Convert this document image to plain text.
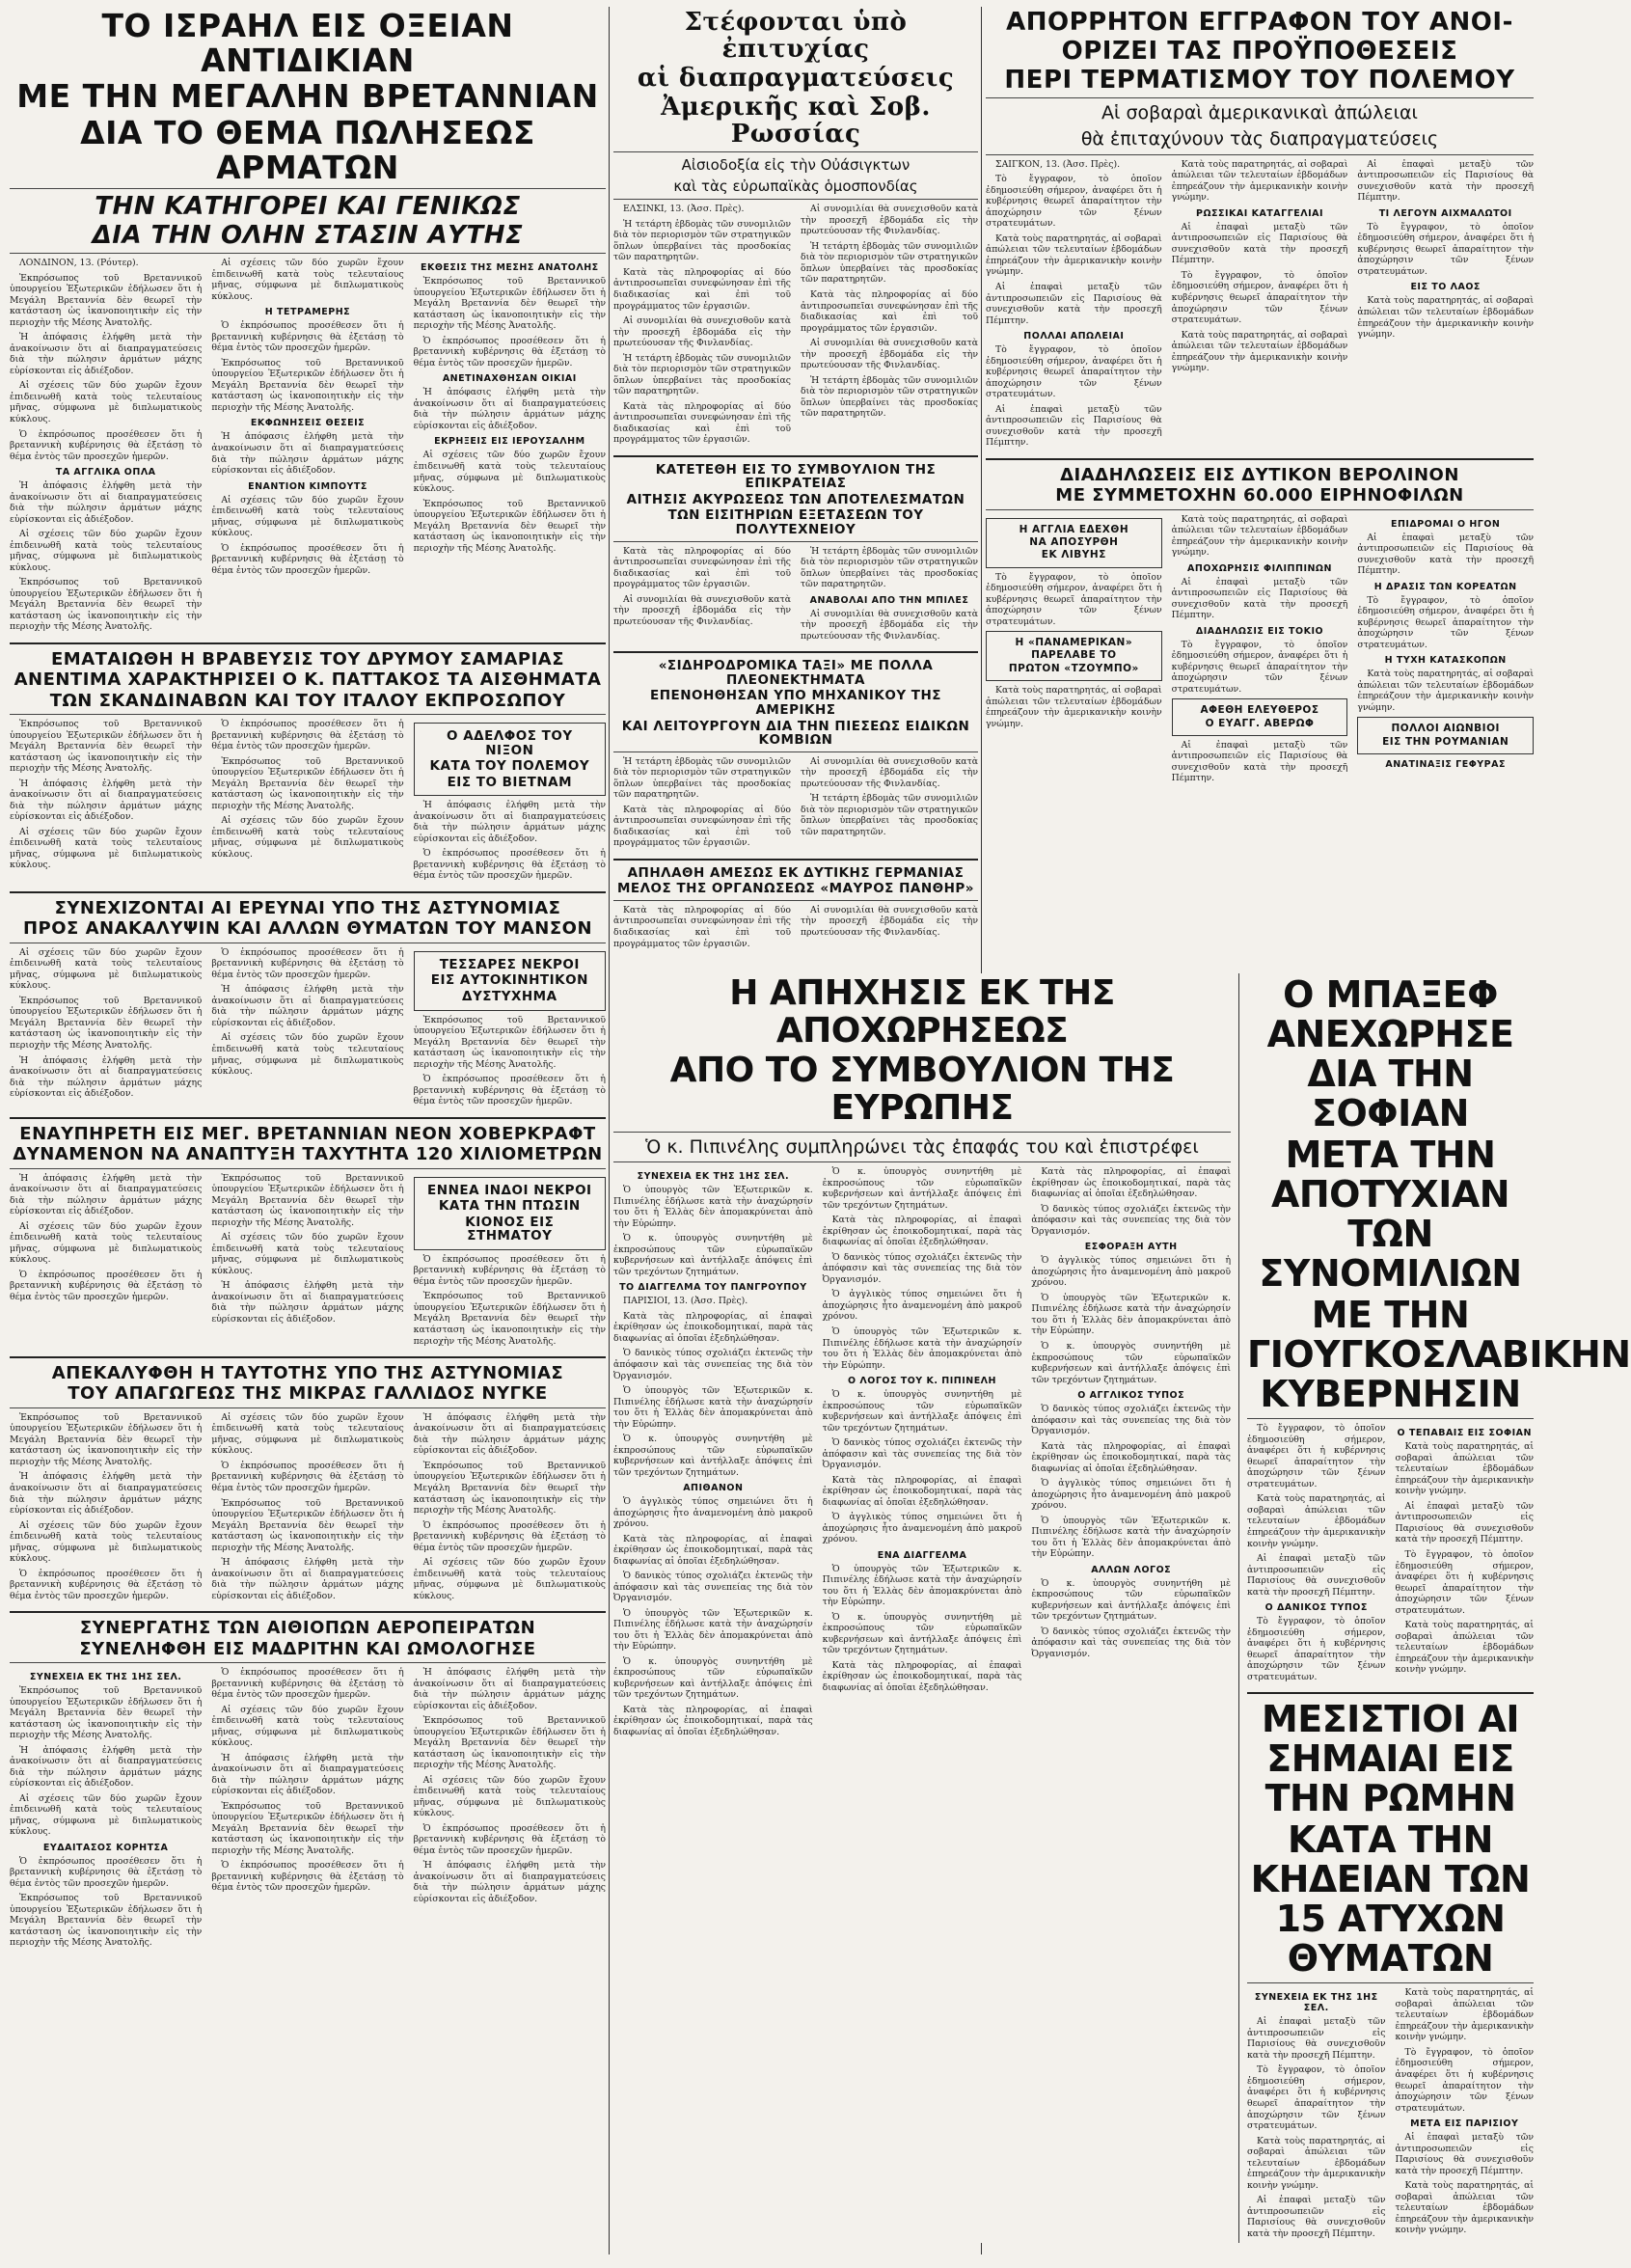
ΤΟ ΙΣΡΑΗΛ ΕΙΣ ΟΞΕΙΑΝ ΑΝΤΙΔΙΚΙΑΝ
ΜΕ ΤΗΝ ΜΕΓΑΛΗΝ ΒΡΕΤΑΝΝΙΑΝ
ΔΙΑ ΤΟ ΘΕΜΑ ΠΩΛΗΣΕΩΣ ΑΡΜΑΤΩΝ
ΤΗΝ ΚΑΤΗΓΟΡΕΙ ΚΑΙ ΓΕΝΙΚΩΣ
ΔΙΑ ΤΗΝ ΟΛΗΝ ΣΤΑΣΙΝ ΑΥΤΗΣ

ΛΟΝΔΙΝΟΝ, 13. (Ρόυτερ).

Ἐκπρόσωπος τοῦ Βρεταννικοῦ ὑπουργείου Ἐξωτερικῶν ἐδήλωσεν ὅτι ἡ Μεγάλη Βρεταννία δὲν θεωρεῖ τὴν κατάσταση ὡς ἱκανοποιητικὴν εἰς τὴν περιοχὴν τῆς Μέσης Ἀνατολῆς.

Ἡ ἀπόφασις ἐλήφθη μετὰ τὴν ἀνακοίνωσιν ὅτι αἱ διαπραγματεύσεις διὰ τὴν πώλησιν ἀρμάτων μάχης εὑρίσκονται εἰς ἀδιέξοδον.

Αἱ σχέσεις τῶν δύο χωρῶν ἔχουν ἐπιδεινωθῆ κατὰ τοὺς τελευταίους μῆνας, σύμφωνα μὲ διπλωματικοὺς κύκλους.

Ὁ ἐκπρόσωπος προσέθεσεν ὅτι ἡ βρεταννικὴ κυβέρνησις θὰ ἐξετάσῃ τὸ θέμα ἐντὸς τῶν προσεχῶν ἡμερῶν.

ΤΑ ΑΓΓΛΙΚΑ ΟΠΛΑ

Ἡ ἀπόφασις ἐλήφθη μετὰ τὴν ἀνακοίνωσιν ὅτι αἱ διαπραγματεύσεις διὰ τὴν πώλησιν ἀρμάτων μάχης εὑρίσκονται εἰς ἀδιέξοδον.

Αἱ σχέσεις τῶν δύο χωρῶν ἔχουν ἐπιδεινωθῆ κατὰ τοὺς τελευταίους μῆνας, σύμφωνα μὲ διπλωματικοὺς κύκλους.

Ἐκπρόσωπος τοῦ Βρεταννικοῦ ὑπουργείου Ἐξωτερικῶν ἐδήλωσεν ὅτι ἡ Μεγάλη Βρεταννία δὲν θεωρεῖ τὴν κατάσταση ὡς ἱκανοποιητικὴν εἰς τὴν περιοχὴν τῆς Μέσης Ἀνατολῆς.

Αἱ σχέσεις τῶν δύο χωρῶν ἔχουν ἐπιδεινωθῆ κατὰ τοὺς τελευταίους μῆνας, σύμφωνα μὲ διπλωματικοὺς κύκλους.

Η ΤΕΤΡΑΜΕΡΗΣ

Ὁ ἐκπρόσωπος προσέθεσεν ὅτι ἡ βρεταννικὴ κυβέρνησις θὰ ἐξετάσῃ τὸ θέμα ἐντὸς τῶν προσεχῶν ἡμερῶν.

Ἐκπρόσωπος τοῦ Βρεταννικοῦ ὑπουργείου Ἐξωτερικῶν ἐδήλωσεν ὅτι ἡ Μεγάλη Βρεταννία δὲν θεωρεῖ τὴν κατάσταση ὡς ἱκανοποιητικὴν εἰς τὴν περιοχὴν τῆς Μέσης Ἀνατολῆς.

ΕΚΦΩΝΗΣΕΙΣ ΘΕΣΕΙΣ

Ἡ ἀπόφασις ἐλήφθη μετὰ τὴν ἀνακοίνωσιν ὅτι αἱ διαπραγματεύσεις διὰ τὴν πώλησιν ἀρμάτων μάχης εὑρίσκονται εἰς ἀδιέξοδον.

ΕΝΑΝΤΙΟΝ ΚΙΜΠΟΥΤΣ

Αἱ σχέσεις τῶν δύο χωρῶν ἔχουν ἐπιδεινωθῆ κατὰ τοὺς τελευταίους μῆνας, σύμφωνα μὲ διπλωματικοὺς κύκλους.

Ὁ ἐκπρόσωπος προσέθεσεν ὅτι ἡ βρεταννικὴ κυβέρνησις θὰ ἐξετάσῃ τὸ θέμα ἐντὸς τῶν προσεχῶν ἡμερῶν.

ΕΚΘΕΣΙΣ ΤΗΣ ΜΕΣΗΣ ΑΝΑΤΟΛΗΣ

Ἐκπρόσωπος τοῦ Βρεταννικοῦ ὑπουργείου Ἐξωτερικῶν ἐδήλωσεν ὅτι ἡ Μεγάλη Βρεταννία δὲν θεωρεῖ τὴν κατάσταση ὡς ἱκανοποιητικὴν εἰς τὴν περιοχὴν τῆς Μέσης Ἀνατολῆς.

Ὁ ἐκπρόσωπος προσέθεσεν ὅτι ἡ βρεταννικὴ κυβέρνησις θὰ ἐξετάσῃ τὸ θέμα ἐντὸς τῶν προσεχῶν ἡμερῶν.

ΑΝΕΤΙΝΑΧΘΗΣΑΝ ΟΙΚΙΑΙ

Ἡ ἀπόφασις ἐλήφθη μετὰ τὴν ἀνακοίνωσιν ὅτι αἱ διαπραγματεύσεις διὰ τὴν πώλησιν ἀρμάτων μάχης εὑρίσκονται εἰς ἀδιέξοδον.

ΕΚΡΗΞΕΙΣ ΕΙΣ ΙΕΡΟΥΣΑΛΗΜ

Αἱ σχέσεις τῶν δύο χωρῶν ἔχουν ἐπιδεινωθῆ κατὰ τοὺς τελευταίους μῆνας, σύμφωνα μὲ διπλωματικοὺς κύκλους.

Ἐκπρόσωπος τοῦ Βρεταννικοῦ ὑπουργείου Ἐξωτερικῶν ἐδήλωσεν ὅτι ἡ Μεγάλη Βρεταννία δὲν θεωρεῖ τὴν κατάσταση ὡς ἱκανοποιητικὴν εἰς τὴν περιοχὴν τῆς Μέσης Ἀνατολῆς.

ΕΜΑΤΑΙΩΘΗ Η ΒΡΑΒΕΥΣΙΣ ΤΟΥ ΔΡΥΜΟΥ ΣΑΜΑΡΙΑΣ
ΑΝΕΝΤΙΜΑ ΧΑΡΑΚΤΗΡΙΣΕΙ Ο Κ. ΠΑΤΤΑΚΟΣ ΤΑ ΑΙΣΘΗΜΑΤΑ
ΤΩΝ ΣΚΑΝΔΙΝΑΒΩΝ ΚΑΙ ΤΟΥ ΙΤΑΛΟΥ ΕΚΠΡΟΣΩΠΟΥ

Ἐκπρόσωπος τοῦ Βρεταννικοῦ ὑπουργείου Ἐξωτερικῶν ἐδήλωσεν ὅτι ἡ Μεγάλη Βρεταννία δὲν θεωρεῖ τὴν κατάσταση ὡς ἱκανοποιητικὴν εἰς τὴν περιοχὴν τῆς Μέσης Ἀνατολῆς.

Ἡ ἀπόφασις ἐλήφθη μετὰ τὴν ἀνακοίνωσιν ὅτι αἱ διαπραγματεύσεις διὰ τὴν πώλησιν ἀρμάτων μάχης εὑρίσκονται εἰς ἀδιέξοδον.

Αἱ σχέσεις τῶν δύο χωρῶν ἔχουν ἐπιδεινωθῆ κατὰ τοὺς τελευταίους μῆνας, σύμφωνα μὲ διπλωματικοὺς κύκλους.

Ὁ ἐκπρόσωπος προσέθεσεν ὅτι ἡ βρεταννικὴ κυβέρνησις θὰ ἐξετάσῃ τὸ θέμα ἐντὸς τῶν προσεχῶν ἡμερῶν.

Ἐκπρόσωπος τοῦ Βρεταννικοῦ ὑπουργείου Ἐξωτερικῶν ἐδήλωσεν ὅτι ἡ Μεγάλη Βρεταννία δὲν θεωρεῖ τὴν κατάσταση ὡς ἱκανοποιητικὴν εἰς τὴν περιοχὴν τῆς Μέσης Ἀνατολῆς.

Αἱ σχέσεις τῶν δύο χωρῶν ἔχουν ἐπιδεινωθῆ κατὰ τοὺς τελευταίους μῆνας, σύμφωνα μὲ διπλωματικοὺς κύκλους.

Ο ΑΔΕΛΦΟΣ ΤΟΥ ΝΙΞΟΝ
ΚΑΤΑ ΤΟΥ ΠΟΛΕΜΟΥ
ΕΙΣ ΤΟ ΒΙΕΤΝΑΜ

Ἡ ἀπόφασις ἐλήφθη μετὰ τὴν ἀνακοίνωσιν ὅτι αἱ διαπραγματεύσεις διὰ τὴν πώλησιν ἀρμάτων μάχης εὑρίσκονται εἰς ἀδιέξοδον.

Ὁ ἐκπρόσωπος προσέθεσεν ὅτι ἡ βρεταννικὴ κυβέρνησις θὰ ἐξετάσῃ τὸ θέμα ἐντὸς τῶν προσεχῶν ἡμερῶν.

ΣΥΝΕΧΙΖΟΝΤΑΙ ΑΙ ΕΡΕΥΝΑΙ ΥΠΟ ΤΗΣ ΑΣΤΥΝΟΜΙΑΣ
ΠΡΟΣ ΑΝΑΚΑΛΥΨΙΝ ΚΑΙ ΑΛΛΩΝ ΘΥΜΑΤΩΝ ΤΟΥ ΜΑΝΣΟΝ

Αἱ σχέσεις τῶν δύο χωρῶν ἔχουν ἐπιδεινωθῆ κατὰ τοὺς τελευταίους μῆνας, σύμφωνα μὲ διπλωματικοὺς κύκλους.

Ἐκπρόσωπος τοῦ Βρεταννικοῦ ὑπουργείου Ἐξωτερικῶν ἐδήλωσεν ὅτι ἡ Μεγάλη Βρεταννία δὲν θεωρεῖ τὴν κατάσταση ὡς ἱκανοποιητικὴν εἰς τὴν περιοχὴν τῆς Μέσης Ἀνατολῆς.

Ἡ ἀπόφασις ἐλήφθη μετὰ τὴν ἀνακοίνωσιν ὅτι αἱ διαπραγματεύσεις διὰ τὴν πώλησιν ἀρμάτων μάχης εὑρίσκονται εἰς ἀδιέξοδον.

Ὁ ἐκπρόσωπος προσέθεσεν ὅτι ἡ βρεταννικὴ κυβέρνησις θὰ ἐξετάσῃ τὸ θέμα ἐντὸς τῶν προσεχῶν ἡμερῶν.

Ἡ ἀπόφασις ἐλήφθη μετὰ τὴν ἀνακοίνωσιν ὅτι αἱ διαπραγματεύσεις διὰ τὴν πώλησιν ἀρμάτων μάχης εὑρίσκονται εἰς ἀδιέξοδον.

Αἱ σχέσεις τῶν δύο χωρῶν ἔχουν ἐπιδεινωθῆ κατὰ τοὺς τελευταίους μῆνας, σύμφωνα μὲ διπλωματικοὺς κύκλους.

ΤΕΣΣΑΡΕΣ ΝΕΚΡΟΙ
ΕΙΣ ΑΥΤΟΚΙΝΗΤΙΚΟΝ
ΔΥΣΤΥΧΗΜΑ

Ἐκπρόσωπος τοῦ Βρεταννικοῦ ὑπουργείου Ἐξωτερικῶν ἐδήλωσεν ὅτι ἡ Μεγάλη Βρεταννία δὲν θεωρεῖ τὴν κατάσταση ὡς ἱκανοποιητικὴν εἰς τὴν περιοχὴν τῆς Μέσης Ἀνατολῆς.

Ὁ ἐκπρόσωπος προσέθεσεν ὅτι ἡ βρεταννικὴ κυβέρνησις θὰ ἐξετάσῃ τὸ θέμα ἐντὸς τῶν προσεχῶν ἡμερῶν.

ΕΝΑΥΠΗΡΕΤΗ ΕΙΣ ΜΕΓ. ΒΡΕΤΑΝΝΙΑΝ ΝΕΟΝ ΧΟΒΕΡΚΡΑΦΤ
ΔΥΝΑΜΕΝΟΝ ΝΑ ΑΝΑΠΤΥΞΗ ΤΑΧΥΤΗΤΑ 120 ΧΙΛΙΟΜΕΤΡΩΝ

Ἡ ἀπόφασις ἐλήφθη μετὰ τὴν ἀνακοίνωσιν ὅτι αἱ διαπραγματεύσεις διὰ τὴν πώλησιν ἀρμάτων μάχης εὑρίσκονται εἰς ἀδιέξοδον.

Αἱ σχέσεις τῶν δύο χωρῶν ἔχουν ἐπιδεινωθῆ κατὰ τοὺς τελευταίους μῆνας, σύμφωνα μὲ διπλωματικοὺς κύκλους.

Ὁ ἐκπρόσωπος προσέθεσεν ὅτι ἡ βρεταννικὴ κυβέρνησις θὰ ἐξετάσῃ τὸ θέμα ἐντὸς τῶν προσεχῶν ἡμερῶν.

Ἐκπρόσωπος τοῦ Βρεταννικοῦ ὑπουργείου Ἐξωτερικῶν ἐδήλωσεν ὅτι ἡ Μεγάλη Βρεταννία δὲν θεωρεῖ τὴν κατάσταση ὡς ἱκανοποιητικὴν εἰς τὴν περιοχὴν τῆς Μέσης Ἀνατολῆς.

Αἱ σχέσεις τῶν δύο χωρῶν ἔχουν ἐπιδεινωθῆ κατὰ τοὺς τελευταίους μῆνας, σύμφωνα μὲ διπλωματικοὺς κύκλους.

Ἡ ἀπόφασις ἐλήφθη μετὰ τὴν ἀνακοίνωσιν ὅτι αἱ διαπραγματεύσεις διὰ τὴν πώλησιν ἀρμάτων μάχης εὑρίσκονται εἰς ἀδιέξοδον.

ΕΝΝΕΑ ΙΝΔΟΙ ΝΕΚΡΟΙ
ΚΑΤΑ ΤΗΝ ΠΤΩΣΙΝ
ΚΙΟΝΟΣ ΕΙΣ ΣΤΗΜΑΤΟΥ

Ὁ ἐκπρόσωπος προσέθεσεν ὅτι ἡ βρεταννικὴ κυβέρνησις θὰ ἐξετάσῃ τὸ θέμα ἐντὸς τῶν προσεχῶν ἡμερῶν.

Ἐκπρόσωπος τοῦ Βρεταννικοῦ ὑπουργείου Ἐξωτερικῶν ἐδήλωσεν ὅτι ἡ Μεγάλη Βρεταννία δὲν θεωρεῖ τὴν κατάσταση ὡς ἱκανοποιητικὴν εἰς τὴν περιοχὴν τῆς Μέσης Ἀνατολῆς.

ΑΠΕΚΑΛΥΦΘΗ Η ΤΑΥΤΟΤΗΣ ΥΠΟ ΤΗΣ ΑΣΤΥΝΟΜΙΑΣ
ΤΟΥ ΑΠΑΓΩΓΕΩΣ ΤΗΣ ΜΙΚΡΑΣ ΓΑΛΛΙΔΟΣ ΝΥΓΚΕ

Ἐκπρόσωπος τοῦ Βρεταννικοῦ ὑπουργείου Ἐξωτερικῶν ἐδήλωσεν ὅτι ἡ Μεγάλη Βρεταννία δὲν θεωρεῖ τὴν κατάσταση ὡς ἱκανοποιητικὴν εἰς τὴν περιοχὴν τῆς Μέσης Ἀνατολῆς.

Ἡ ἀπόφασις ἐλήφθη μετὰ τὴν ἀνακοίνωσιν ὅτι αἱ διαπραγματεύσεις διὰ τὴν πώλησιν ἀρμάτων μάχης εὑρίσκονται εἰς ἀδιέξοδον.

Αἱ σχέσεις τῶν δύο χωρῶν ἔχουν ἐπιδεινωθῆ κατὰ τοὺς τελευταίους μῆνας, σύμφωνα μὲ διπλωματικοὺς κύκλους.

Ὁ ἐκπρόσωπος προσέθεσεν ὅτι ἡ βρεταννικὴ κυβέρνησις θὰ ἐξετάσῃ τὸ θέμα ἐντὸς τῶν προσεχῶν ἡμερῶν.

Αἱ σχέσεις τῶν δύο χωρῶν ἔχουν ἐπιδεινωθῆ κατὰ τοὺς τελευταίους μῆνας, σύμφωνα μὲ διπλωματικοὺς κύκλους.

Ὁ ἐκπρόσωπος προσέθεσεν ὅτι ἡ βρεταννικὴ κυβέρνησις θὰ ἐξετάσῃ τὸ θέμα ἐντὸς τῶν προσεχῶν ἡμερῶν.

Ἐκπρόσωπος τοῦ Βρεταννικοῦ ὑπουργείου Ἐξωτερικῶν ἐδήλωσεν ὅτι ἡ Μεγάλη Βρεταννία δὲν θεωρεῖ τὴν κατάσταση ὡς ἱκανοποιητικὴν εἰς τὴν περιοχὴν τῆς Μέσης Ἀνατολῆς.

Ἡ ἀπόφασις ἐλήφθη μετὰ τὴν ἀνακοίνωσιν ὅτι αἱ διαπραγματεύσεις διὰ τὴν πώλησιν ἀρμάτων μάχης εὑρίσκονται εἰς ἀδιέξοδον.

Ἡ ἀπόφασις ἐλήφθη μετὰ τὴν ἀνακοίνωσιν ὅτι αἱ διαπραγματεύσεις διὰ τὴν πώλησιν ἀρμάτων μάχης εὑρίσκονται εἰς ἀδιέξοδον.

Ἐκπρόσωπος τοῦ Βρεταννικοῦ ὑπουργείου Ἐξωτερικῶν ἐδήλωσεν ὅτι ἡ Μεγάλη Βρεταννία δὲν θεωρεῖ τὴν κατάσταση ὡς ἱκανοποιητικὴν εἰς τὴν περιοχὴν τῆς Μέσης Ἀνατολῆς.

Ὁ ἐκπρόσωπος προσέθεσεν ὅτι ἡ βρεταννικὴ κυβέρνησις θὰ ἐξετάσῃ τὸ θέμα ἐντὸς τῶν προσεχῶν ἡμερῶν.

Αἱ σχέσεις τῶν δύο χωρῶν ἔχουν ἐπιδεινωθῆ κατὰ τοὺς τελευταίους μῆνας, σύμφωνα μὲ διπλωματικοὺς κύκλους.

ΣΥΝΕΡΓΑΤΗΣ ΤΩΝ ΑΙΘΙΟΠΩΝ ΑΕΡΟΠΕΙΡΑΤΩΝ
ΣΥΝΕΛΗΦΘΗ ΕΙΣ ΜΑΔΡΙΤΗΝ ΚΑΙ ΩΜΟΛΟΓΗΣΕ
ΣΥΝΕΧΕΙΑ ΕΚ ΤΗΣ 1ΗΣ ΣΕΛ.

Ἐκπρόσωπος τοῦ Βρεταννικοῦ ὑπουργείου Ἐξωτερικῶν ἐδήλωσεν ὅτι ἡ Μεγάλη Βρεταννία δὲν θεωρεῖ τὴν κατάσταση ὡς ἱκανοποιητικὴν εἰς τὴν περιοχὴν τῆς Μέσης Ἀνατολῆς.

Ἡ ἀπόφασις ἐλήφθη μετὰ τὴν ἀνακοίνωσιν ὅτι αἱ διαπραγματεύσεις διὰ τὴν πώλησιν ἀρμάτων μάχης εὑρίσκονται εἰς ἀδιέξοδον.

Αἱ σχέσεις τῶν δύο χωρῶν ἔχουν ἐπιδεινωθῆ κατὰ τοὺς τελευταίους μῆνας, σύμφωνα μὲ διπλωματικοὺς κύκλους.

ΕΥΔΑΙΤΑΣΟΣ ΚΟΡΗΤΣΑ

Ὁ ἐκπρόσωπος προσέθεσεν ὅτι ἡ βρεταννικὴ κυβέρνησις θὰ ἐξετάσῃ τὸ θέμα ἐντὸς τῶν προσεχῶν ἡμερῶν.

Ἐκπρόσωπος τοῦ Βρεταννικοῦ ὑπουργείου Ἐξωτερικῶν ἐδήλωσεν ὅτι ἡ Μεγάλη Βρεταννία δὲν θεωρεῖ τὴν κατάσταση ὡς ἱκανοποιητικὴν εἰς τὴν περιοχὴν τῆς Μέσης Ἀνατολῆς.

Ὁ ἐκπρόσωπος προσέθεσεν ὅτι ἡ βρεταννικὴ κυβέρνησις θὰ ἐξετάσῃ τὸ θέμα ἐντὸς τῶν προσεχῶν ἡμερῶν.

Αἱ σχέσεις τῶν δύο χωρῶν ἔχουν ἐπιδεινωθῆ κατὰ τοὺς τελευταίους μῆνας, σύμφωνα μὲ διπλωματικοὺς κύκλους.

Ἡ ἀπόφασις ἐλήφθη μετὰ τὴν ἀνακοίνωσιν ὅτι αἱ διαπραγματεύσεις διὰ τὴν πώλησιν ἀρμάτων μάχης εὑρίσκονται εἰς ἀδιέξοδον.

Ἐκπρόσωπος τοῦ Βρεταννικοῦ ὑπουργείου Ἐξωτερικῶν ἐδήλωσεν ὅτι ἡ Μεγάλη Βρεταννία δὲν θεωρεῖ τὴν κατάσταση ὡς ἱκανοποιητικὴν εἰς τὴν περιοχὴν τῆς Μέσης Ἀνατολῆς.

Ὁ ἐκπρόσωπος προσέθεσεν ὅτι ἡ βρεταννικὴ κυβέρνησις θὰ ἐξετάσῃ τὸ θέμα ἐντὸς τῶν προσεχῶν ἡμερῶν.

Ἡ ἀπόφασις ἐλήφθη μετὰ τὴν ἀνακοίνωσιν ὅτι αἱ διαπραγματεύσεις διὰ τὴν πώλησιν ἀρμάτων μάχης εὑρίσκονται εἰς ἀδιέξοδον.

Ἐκπρόσωπος τοῦ Βρεταννικοῦ ὑπουργείου Ἐξωτερικῶν ἐδήλωσεν ὅτι ἡ Μεγάλη Βρεταννία δὲν θεωρεῖ τὴν κατάσταση ὡς ἱκανοποιητικὴν εἰς τὴν περιοχὴν τῆς Μέσης Ἀνατολῆς.

Αἱ σχέσεις τῶν δύο χωρῶν ἔχουν ἐπιδεινωθῆ κατὰ τοὺς τελευταίους μῆνας, σύμφωνα μὲ διπλωματικοὺς κύκλους.

Ὁ ἐκπρόσωπος προσέθεσεν ὅτι ἡ βρεταννικὴ κυβέρνησις θὰ ἐξετάσῃ τὸ θέμα ἐντὸς τῶν προσεχῶν ἡμερῶν.

Ἡ ἀπόφασις ἐλήφθη μετὰ τὴν ἀνακοίνωσιν ὅτι αἱ διαπραγματεύσεις διὰ τὴν πώλησιν ἀρμάτων μάχης εὑρίσκονται εἰς ἀδιέξοδον.

Στέφονται ὑπὸ ἐπιτυχίας
αἱ διαπραγματεύσεις
Ἀμερικῆς καὶ Σοβ. Ρωσσίας
Αἰσιοδοξία εἰς τὴν Οὐάσιγκτων
καὶ τὰς εὐρωπαϊκὰς ὁμοσπονδίας

ΕΛΣΙΝΚΙ, 13. (Ἀσσ. Πρὲς).

Ἡ τετάρτη ἑβδομὰς τῶν συνομιλιῶν διὰ τὸν περιορισμὸν τῶν στρατηγικῶν ὅπλων ὑπερβαίνει τὰς προσδοκίας τῶν παρατηρητῶν.

Κατὰ τὰς πληροφορίας αἱ δύο ἀντιπροσωπεῖαι συνεφώνησαν ἐπὶ τῆς διαδικασίας καὶ ἐπὶ τοῦ προγράμματος τῶν ἐργασιῶν.

Αἱ συνομιλίαι θὰ συνεχισθοῦν κατὰ τὴν προσεχῆ ἑβδομάδα εἰς τὴν πρωτεύουσαν τῆς Φινλανδίας.

Ἡ τετάρτη ἑβδομὰς τῶν συνομιλιῶν διὰ τὸν περιορισμὸν τῶν στρατηγικῶν ὅπλων ὑπερβαίνει τὰς προσδοκίας τῶν παρατηρητῶν.

Κατὰ τὰς πληροφορίας αἱ δύο ἀντιπροσωπεῖαι συνεφώνησαν ἐπὶ τῆς διαδικασίας καὶ ἐπὶ τοῦ προγράμματος τῶν ἐργασιῶν.

Αἱ συνομιλίαι θὰ συνεχισθοῦν κατὰ τὴν προσεχῆ ἑβδομάδα εἰς τὴν πρωτεύουσαν τῆς Φινλανδίας.

Ἡ τετάρτη ἑβδομὰς τῶν συνομιλιῶν διὰ τὸν περιορισμὸν τῶν στρατηγικῶν ὅπλων ὑπερβαίνει τὰς προσδοκίας τῶν παρατηρητῶν.

Κατὰ τὰς πληροφορίας αἱ δύο ἀντιπροσωπεῖαι συνεφώνησαν ἐπὶ τῆς διαδικασίας καὶ ἐπὶ τοῦ προγράμματος τῶν ἐργασιῶν.

Αἱ συνομιλίαι θὰ συνεχισθοῦν κατὰ τὴν προσεχῆ ἑβδομάδα εἰς τὴν πρωτεύουσαν τῆς Φινλανδίας.

Ἡ τετάρτη ἑβδομὰς τῶν συνομιλιῶν διὰ τὸν περιορισμὸν τῶν στρατηγικῶν ὅπλων ὑπερβαίνει τὰς προσδοκίας τῶν παρατηρητῶν.

ΚΑΤΕΤΕΘΗ ΕΙΣ ΤΟ ΣΥΜΒΟΥΛΙΟΝ ΤΗΣ ΕΠΙΚΡΑΤΕΙΑΣ
ΑΙΤΗΣΙΣ ΑΚΥΡΩΣΕΩΣ ΤΩΝ ΑΠΟΤΕΛΕΣΜΑΤΩΝ
ΤΩΝ ΕΙΣΙΤΗΡΙΩΝ ΕΞΕΤΑΣΕΩΝ ΤΟΥ ΠΟΛΥΤΕΧΝΕΙΟΥ

Κατὰ τὰς πληροφορίας αἱ δύο ἀντιπροσωπεῖαι συνεφώνησαν ἐπὶ τῆς διαδικασίας καὶ ἐπὶ τοῦ προγράμματος τῶν ἐργασιῶν.

Αἱ συνομιλίαι θὰ συνεχισθοῦν κατὰ τὴν προσεχῆ ἑβδομάδα εἰς τὴν πρωτεύουσαν τῆς Φινλανδίας.

Ἡ τετάρτη ἑβδομὰς τῶν συνομιλιῶν διὰ τὸν περιορισμὸν τῶν στρατηγικῶν ὅπλων ὑπερβαίνει τὰς προσδοκίας τῶν παρατηρητῶν.

ΑΝΑΒΟΛΑΙ ΑΠΟ ΤΗΝ ΜΠΙΛΕΣ

Αἱ συνομιλίαι θὰ συνεχισθοῦν κατὰ τὴν προσεχῆ ἑβδομάδα εἰς τὴν πρωτεύουσαν τῆς Φινλανδίας.

«ΣΙΔΗΡΟΔΡΟΜΙΚΑ ΤΑΞΙ» ΜΕ ΠΟΛΛΑ ΠΛΕΟΝΕΚΤΗΜΑΤΑ
ΕΠΕΝΟΗΘΗΣΑΝ ΥΠΟ ΜΗΧΑΝΙΚΟΥ ΤΗΣ ΑΜΕΡΙΚΗΣ
ΚΑΙ ΛΕΙΤΟΥΡΓΟΥΝ ΔΙΑ ΤΗΝ ΠΙΕΣΕΩΣ ΕΙΔΙΚΩΝ ΚΟΜΒΙΩΝ

Ἡ τετάρτη ἑβδομὰς τῶν συνομιλιῶν διὰ τὸν περιορισμὸν τῶν στρατηγικῶν ὅπλων ὑπερβαίνει τὰς προσδοκίας τῶν παρατηρητῶν.

Κατὰ τὰς πληροφορίας αἱ δύο ἀντιπροσωπεῖαι συνεφώνησαν ἐπὶ τῆς διαδικασίας καὶ ἐπὶ τοῦ προγράμματος τῶν ἐργασιῶν.

Αἱ συνομιλίαι θὰ συνεχισθοῦν κατὰ τὴν προσεχῆ ἑβδομάδα εἰς τὴν πρωτεύουσαν τῆς Φινλανδίας.

Ἡ τετάρτη ἑβδομὰς τῶν συνομιλιῶν διὰ τὸν περιορισμὸν τῶν στρατηγικῶν ὅπλων ὑπερβαίνει τὰς προσδοκίας τῶν παρατηρητῶν.

ΑΠΗΛΑΘΗ ΑΜΕΣΩΣ ΕΚ ΔΥΤΙΚΗΣ ΓΕΡΜΑΝΙΑΣ
ΜΕΛΟΣ ΤΗΣ ΟΡΓΑΝΩΣΕΩΣ «ΜΑΥΡΟΣ ΠΑΝΘΗΡ»

Κατὰ τὰς πληροφορίας αἱ δύο ἀντιπροσωπεῖαι συνεφώνησαν ἐπὶ τῆς διαδικασίας καὶ ἐπὶ τοῦ προγράμματος τῶν ἐργασιῶν.

Αἱ συνομιλίαι θὰ συνεχισθοῦν κατὰ τὴν προσεχῆ ἑβδομάδα εἰς τὴν πρωτεύουσαν τῆς Φινλανδίας.

ΑΠΟΡΡΗΤΟΝ ΕΓΓΡΑΦΟΝ ΤΟΥ ΑΝΟΙ-
ΟΡΙΖΕΙ ΤΑΣ ΠΡΟΫΠΟΘΕΣΕΙΣ
ΠΕΡΙ ΤΕΡΜΑΤΙΣΜΟΥ ΤΟΥ ΠΟΛΕΜΟΥ
Αἱ σοβαραὶ ἀμερικανικαὶ ἀπώλειαι
θὰ ἐπιταχύνουν τὰς διαπραγματεύσεις

ΣΑΙΓΚΟΝ, 13. (Ἀσσ. Πρὲς).

Τὸ ἔγγραφον, τὸ ὁποῖον ἐδημοσιεύθη σήμερον, ἀναφέρει ὅτι ἡ κυβέρνησις θεωρεῖ ἀπαραίτητον τὴν ἀποχώρησιν τῶν ξένων στρατευμάτων.

Κατὰ τοὺς παρατηρητάς, αἱ σοβαραὶ ἀπώλειαι τῶν τελευταίων ἑβδομάδων ἐπηρεάζουν τὴν ἀμερικανικὴν κοινὴν γνώμην.

Αἱ ἐπαφαὶ μεταξὺ τῶν ἀντιπροσωπειῶν εἰς Παρισίους θὰ συνεχισθοῦν κατὰ τὴν προσεχῆ Πέμπτην.

ΠΟΛΛΑΙ ΑΠΩΛΕΙΑΙ

Τὸ ἔγγραφον, τὸ ὁποῖον ἐδημοσιεύθη σήμερον, ἀναφέρει ὅτι ἡ κυβέρνησις θεωρεῖ ἀπαραίτητον τὴν ἀποχώρησιν τῶν ξένων στρατευμάτων.

Αἱ ἐπαφαὶ μεταξὺ τῶν ἀντιπροσωπειῶν εἰς Παρισίους θὰ συνεχισθοῦν κατὰ τὴν προσεχῆ Πέμπτην.

Κατὰ τοὺς παρατηρητάς, αἱ σοβαραὶ ἀπώλειαι τῶν τελευταίων ἑβδομάδων ἐπηρεάζουν τὴν ἀμερικανικὴν κοινὴν γνώμην.

ΡΩΣΣΙΚΑΙ ΚΑΤΑΓΓΕΛΙΑΙ

Αἱ ἐπαφαὶ μεταξὺ τῶν ἀντιπροσωπειῶν εἰς Παρισίους θὰ συνεχισθοῦν κατὰ τὴν προσεχῆ Πέμπτην.

Τὸ ἔγγραφον, τὸ ὁποῖον ἐδημοσιεύθη σήμερον, ἀναφέρει ὅτι ἡ κυβέρνησις θεωρεῖ ἀπαραίτητον τὴν ἀποχώρησιν τῶν ξένων στρατευμάτων.

Κατὰ τοὺς παρατηρητάς, αἱ σοβαραὶ ἀπώλειαι τῶν τελευταίων ἑβδομάδων ἐπηρεάζουν τὴν ἀμερικανικὴν κοινὴν γνώμην.

Αἱ ἐπαφαὶ μεταξὺ τῶν ἀντιπροσωπειῶν εἰς Παρισίους θὰ συνεχισθοῦν κατὰ τὴν προσεχῆ Πέμπτην.

ΤΙ ΛΕΓΟΥΝ ΑΙΧΜΑΛΩΤΟΙ

Τὸ ἔγγραφον, τὸ ὁποῖον ἐδημοσιεύθη σήμερον, ἀναφέρει ὅτι ἡ κυβέρνησις θεωρεῖ ἀπαραίτητον τὴν ἀποχώρησιν τῶν ξένων στρατευμάτων.

ΕΙΣ ΤΟ ΛΑΟΣ

Κατὰ τοὺς παρατηρητάς, αἱ σοβαραὶ ἀπώλειαι τῶν τελευταίων ἑβδομάδων ἐπηρεάζουν τὴν ἀμερικανικὴν κοινὴν γνώμην.

ΔΙΑΔΗΛΩΣΕΙΣ ΕΙΣ ΔΥΤΙΚΟΝ ΒΕΡΟΛΙΝΟΝ
ΜΕ ΣΥΜΜΕΤΟΧΗΝ 60.000 ΕΙΡΗΝΟΦΙΛΩΝ
Η ΑΓΓΛΙΑ ΕΔΕΧΘΗ
ΝΑ ΑΠΟΣΥΡΘΗ
ΕΚ ΛΙΒΥΗΣ

Τὸ ἔγγραφον, τὸ ὁποῖον ἐδημοσιεύθη σήμερον, ἀναφέρει ὅτι ἡ κυβέρνησις θεωρεῖ ἀπαραίτητον τὴν ἀποχώρησιν τῶν ξένων στρατευμάτων.

Η «ΠΑΝΑΜΕΡΙΚΑΝ»
ΠΑΡΕΛΑΒΕ ΤΟ
ΠΡΩΤΟΝ «ΤΖΟΥΜΠΟ»

Κατὰ τοὺς παρατηρητάς, αἱ σοβαραὶ ἀπώλειαι τῶν τελευταίων ἑβδομάδων ἐπηρεάζουν τὴν ἀμερικανικὴν κοινὴν γνώμην.

Κατὰ τοὺς παρατηρητάς, αἱ σοβαραὶ ἀπώλειαι τῶν τελευταίων ἑβδομάδων ἐπηρεάζουν τὴν ἀμερικανικὴν κοινὴν γνώμην.

ΑΠΟΧΩΡΗΣΙΣ ΦΙΛΙΠΠΙΝΩΝ

Αἱ ἐπαφαὶ μεταξὺ τῶν ἀντιπροσωπειῶν εἰς Παρισίους θὰ συνεχισθοῦν κατὰ τὴν προσεχῆ Πέμπτην.

ΔΙΑΔΗΛΩΣΙΣ ΕΙΣ ΤΟΚΙΟ

Τὸ ἔγγραφον, τὸ ὁποῖον ἐδημοσιεύθη σήμερον, ἀναφέρει ὅτι ἡ κυβέρνησις θεωρεῖ ἀπαραίτητον τὴν ἀποχώρησιν τῶν ξένων στρατευμάτων.

ΑΦΕΘΗ ΕΛΕΥΘΕΡΟΣ
Ο ΕΥΑΓΓ. ΑΒΕΡΩΦ

Αἱ ἐπαφαὶ μεταξὺ τῶν ἀντιπροσωπειῶν εἰς Παρισίους θὰ συνεχισθοῦν κατὰ τὴν προσεχῆ Πέμπτην.

ΕΠΙΔΡΟΜΑΙ Ο ΗΓΟΝ

Αἱ ἐπαφαὶ μεταξὺ τῶν ἀντιπροσωπειῶν εἰς Παρισίους θὰ συνεχισθοῦν κατὰ τὴν προσεχῆ Πέμπτην.

Η ΔΡΑΣΙΣ ΤΩΝ ΚΟΡΕΑΤΩΝ

Τὸ ἔγγραφον, τὸ ὁποῖον ἐδημοσιεύθη σήμερον, ἀναφέρει ὅτι ἡ κυβέρνησις θεωρεῖ ἀπαραίτητον τὴν ἀποχώρησιν τῶν ξένων στρατευμάτων.

Η ΤΥΧΗ ΚΑΤΑΣΚΟΠΩΝ

Κατὰ τοὺς παρατηρητάς, αἱ σοβαραὶ ἀπώλειαι τῶν τελευταίων ἑβδομάδων ἐπηρεάζουν τὴν ἀμερικανικὴν κοινὴν γνώμην.

ΠΟΛΛΟΙ ΑΙΩΝΒΙΟΙ
ΕΙΣ ΤΗΝ ΡΟΥΜΑΝΙΑΝ
ΑΝΑΤΙΝΑΞΙΣ ΓΕΦΥΡΑΣ
Η ΑΠΗΧΗΣΙΣ ΕΚ ΤΗΣ ΑΠΟΧΩΡΗΣΕΩΣ
ΑΠΟ ΤΟ ΣΥΜΒΟΥΛΙΟΝ ΤΗΣ ΕΥΡΩΠΗΣ
Ὁ κ. Πιπινέλης συμπληρώνει τὰς ἐπαφάς του καὶ ἐπιστρέφει
ΣΥΝΕΧΕΙΑ ΕΚ ΤΗΣ 1ΗΣ ΣΕΛ.

Ὁ ὑπουργὸς τῶν Ἐξωτερικῶν κ. Πιπινέλης ἐδήλωσε κατὰ τὴν ἀναχώρησίν του ὅτι ἡ Ἑλλὰς δὲν ἀπομακρύνεται ἀπὸ τὴν Εὐρώπην.

Ὁ κ. ὑπουργὸς συνηντήθη μὲ ἐκπροσώπους τῶν εὐρωπαϊκῶν κυβερνήσεων καὶ ἀντήλλαξε ἀπόψεις ἐπὶ τῶν τρεχόντων ζητημάτων.

ΤΟ ΔΙΑΓΓΕΛΜΑ ΤΟΥ ΠΑΝΓΡΟΥΠΟΥ

ΠΑΡΙΣΙΟΙ, 13. (Ἀσσ. Πρὲς).

Κατὰ τὰς πληροφορίας, αἱ ἐπαφαὶ ἐκρίθησαν ὡς ἐποικοδομητικαί, παρὰ τὰς διαφωνίας αἱ ὁποῖαι ἐξεδηλώθησαν.

Ὁ δανικὸς τύπος σχολιάζει ἐκτενῶς τὴν ἀπόφασιν καὶ τὰς συνεπείας της διὰ τὸν Ὀργανισμόν.

Ὁ ὑπουργὸς τῶν Ἐξωτερικῶν κ. Πιπινέλης ἐδήλωσε κατὰ τὴν ἀναχώρησίν του ὅτι ἡ Ἑλλὰς δὲν ἀπομακρύνεται ἀπὸ τὴν Εὐρώπην.

Ὁ κ. ὑπουργὸς συνηντήθη μὲ ἐκπροσώπους τῶν εὐρωπαϊκῶν κυβερνήσεων καὶ ἀντήλλαξε ἀπόψεις ἐπὶ τῶν τρεχόντων ζητημάτων.

ΑΠΙΘΑΝΟΝ

Ὁ ἀγγλικὸς τύπος σημειώνει ὅτι ἡ ἀποχώρησις ἦτο ἀναμενομένη ἀπὸ μακροῦ χρόνου.

Κατὰ τὰς πληροφορίας, αἱ ἐπαφαὶ ἐκρίθησαν ὡς ἐποικοδομητικαί, παρὰ τὰς διαφωνίας αἱ ὁποῖαι ἐξεδηλώθησαν.

Ὁ δανικὸς τύπος σχολιάζει ἐκτενῶς τὴν ἀπόφασιν καὶ τὰς συνεπείας της διὰ τὸν Ὀργανισμόν.

Ὁ ὑπουργὸς τῶν Ἐξωτερικῶν κ. Πιπινέλης ἐδήλωσε κατὰ τὴν ἀναχώρησίν του ὅτι ἡ Ἑλλὰς δὲν ἀπομακρύνεται ἀπὸ τὴν Εὐρώπην.

Ὁ κ. ὑπουργὸς συνηντήθη μὲ ἐκπροσώπους τῶν εὐρωπαϊκῶν κυβερνήσεων καὶ ἀντήλλαξε ἀπόψεις ἐπὶ τῶν τρεχόντων ζητημάτων.

Κατὰ τὰς πληροφορίας, αἱ ἐπαφαὶ ἐκρίθησαν ὡς ἐποικοδομητικαί, παρὰ τὰς διαφωνίας αἱ ὁποῖαι ἐξεδηλώθησαν.

Ὁ κ. ὑπουργὸς συνηντήθη μὲ ἐκπροσώπους τῶν εὐρωπαϊκῶν κυβερνήσεων καὶ ἀντήλλαξε ἀπόψεις ἐπὶ τῶν τρεχόντων ζητημάτων.

Κατὰ τὰς πληροφορίας, αἱ ἐπαφαὶ ἐκρίθησαν ὡς ἐποικοδομητικαί, παρὰ τὰς διαφωνίας αἱ ὁποῖαι ἐξεδηλώθησαν.

Ὁ δανικὸς τύπος σχολιάζει ἐκτενῶς τὴν ἀπόφασιν καὶ τὰς συνεπείας της διὰ τὸν Ὀργανισμόν.

Ὁ ἀγγλικὸς τύπος σημειώνει ὅτι ἡ ἀποχώρησις ἦτο ἀναμενομένη ἀπὸ μακροῦ χρόνου.

Ὁ ὑπουργὸς τῶν Ἐξωτερικῶν κ. Πιπινέλης ἐδήλωσε κατὰ τὴν ἀναχώρησίν του ὅτι ἡ Ἑλλὰς δὲν ἀπομακρύνεται ἀπὸ τὴν Εὐρώπην.

Ο ΛΟΓΟΣ ΤΟΥ Κ. ΠΙΠΙΝΕΛΗ

Ὁ κ. ὑπουργὸς συνηντήθη μὲ ἐκπροσώπους τῶν εὐρωπαϊκῶν κυβερνήσεων καὶ ἀντήλλαξε ἀπόψεις ἐπὶ τῶν τρεχόντων ζητημάτων.

Ὁ δανικὸς τύπος σχολιάζει ἐκτενῶς τὴν ἀπόφασιν καὶ τὰς συνεπείας της διὰ τὸν Ὀργανισμόν.

Κατὰ τὰς πληροφορίας, αἱ ἐπαφαὶ ἐκρίθησαν ὡς ἐποικοδομητικαί, παρὰ τὰς διαφωνίας αἱ ὁποῖαι ἐξεδηλώθησαν.

Ὁ ἀγγλικὸς τύπος σημειώνει ὅτι ἡ ἀποχώρησις ἦτο ἀναμενομένη ἀπὸ μακροῦ χρόνου.

ΕΝΑ ΔΙΑΓΓΕΛΜΑ

Ὁ ὑπουργὸς τῶν Ἐξωτερικῶν κ. Πιπινέλης ἐδήλωσε κατὰ τὴν ἀναχώρησίν του ὅτι ἡ Ἑλλὰς δὲν ἀπομακρύνεται ἀπὸ τὴν Εὐρώπην.

Ὁ κ. ὑπουργὸς συνηντήθη μὲ ἐκπροσώπους τῶν εὐρωπαϊκῶν κυβερνήσεων καὶ ἀντήλλαξε ἀπόψεις ἐπὶ τῶν τρεχόντων ζητημάτων.

Κατὰ τὰς πληροφορίας, αἱ ἐπαφαὶ ἐκρίθησαν ὡς ἐποικοδομητικαί, παρὰ τὰς διαφωνίας αἱ ὁποῖαι ἐξεδηλώθησαν.

Κατὰ τὰς πληροφορίας, αἱ ἐπαφαὶ ἐκρίθησαν ὡς ἐποικοδομητικαί, παρὰ τὰς διαφωνίας αἱ ὁποῖαι ἐξεδηλώθησαν.

Ὁ δανικὸς τύπος σχολιάζει ἐκτενῶς τὴν ἀπόφασιν καὶ τὰς συνεπείας της διὰ τὸν Ὀργανισμόν.

ΕΣΦΟΡΑΞΗ ΑΥΤΗ

Ὁ ἀγγλικὸς τύπος σημειώνει ὅτι ἡ ἀποχώρησις ἦτο ἀναμενομένη ἀπὸ μακροῦ χρόνου.

Ὁ ὑπουργὸς τῶν Ἐξωτερικῶν κ. Πιπινέλης ἐδήλωσε κατὰ τὴν ἀναχώρησίν του ὅτι ἡ Ἑλλὰς δὲν ἀπομακρύνεται ἀπὸ τὴν Εὐρώπην.

Ὁ κ. ὑπουργὸς συνηντήθη μὲ ἐκπροσώπους τῶν εὐρωπαϊκῶν κυβερνήσεων καὶ ἀντήλλαξε ἀπόψεις ἐπὶ τῶν τρεχόντων ζητημάτων.

Ο ΑΓΓΛΙΚΟΣ ΤΥΠΟΣ

Ὁ δανικὸς τύπος σχολιάζει ἐκτενῶς τὴν ἀπόφασιν καὶ τὰς συνεπείας της διὰ τὸν Ὀργανισμόν.

Κατὰ τὰς πληροφορίας, αἱ ἐπαφαὶ ἐκρίθησαν ὡς ἐποικοδομητικαί, παρὰ τὰς διαφωνίας αἱ ὁποῖαι ἐξεδηλώθησαν.

Ὁ ἀγγλικὸς τύπος σημειώνει ὅτι ἡ ἀποχώρησις ἦτο ἀναμενομένη ἀπὸ μακροῦ χρόνου.

Ὁ ὑπουργὸς τῶν Ἐξωτερικῶν κ. Πιπινέλης ἐδήλωσε κατὰ τὴν ἀναχώρησίν του ὅτι ἡ Ἑλλὰς δὲν ἀπομακρύνεται ἀπὸ τὴν Εὐρώπην.

ΑΛΛΩΝ ΛΟΓΟΣ

Ὁ κ. ὑπουργὸς συνηντήθη μὲ ἐκπροσώπους τῶν εὐρωπαϊκῶν κυβερνήσεων καὶ ἀντήλλαξε ἀπόψεις ἐπὶ τῶν τρεχόντων ζητημάτων.

Ὁ δανικὸς τύπος σχολιάζει ἐκτενῶς τὴν ἀπόφασιν καὶ τὰς συνεπείας της διὰ τὸν Ὀργανισμόν.

Ο ΜΠΑΞΕΦ ΑΝΕΧΩΡΗΣΕ ΔΙΑ ΤΗΝ ΣΟΦΙΑΝ
ΜΕΤΑ ΤΗΝ ΑΠΟΤΥΧΙΑΝ ΤΩΝ ΣΥΝΟΜΙΛΙΩΝ
ΜΕ ΤΗΝ ΓΙΟΥΓΚΟΣΛΑΒΙΚΗΝ ΚΥΒΕΡΝΗΣΙΝ

Τὸ ἔγγραφον, τὸ ὁποῖον ἐδημοσιεύθη σήμερον, ἀναφέρει ὅτι ἡ κυβέρνησις θεωρεῖ ἀπαραίτητον τὴν ἀποχώρησιν τῶν ξένων στρατευμάτων.

Κατὰ τοὺς παρατηρητάς, αἱ σοβαραὶ ἀπώλειαι τῶν τελευταίων ἑβδομάδων ἐπηρεάζουν τὴν ἀμερικανικὴν κοινὴν γνώμην.

Αἱ ἐπαφαὶ μεταξὺ τῶν ἀντιπροσωπειῶν εἰς Παρισίους θὰ συνεχισθοῦν κατὰ τὴν προσεχῆ Πέμπτην.

Ο ΔΑΝΙΚΟΣ ΤΥΠΟΣ

Τὸ ἔγγραφον, τὸ ὁποῖον ἐδημοσιεύθη σήμερον, ἀναφέρει ὅτι ἡ κυβέρνησις θεωρεῖ ἀπαραίτητον τὴν ἀποχώρησιν τῶν ξένων στρατευμάτων.

Ο ΤΕΠΑΒΑΙΣ ΕΙΣ ΣΟΦΙΑΝ

Κατὰ τοὺς παρατηρητάς, αἱ σοβαραὶ ἀπώλειαι τῶν τελευταίων ἑβδομάδων ἐπηρεάζουν τὴν ἀμερικανικὴν κοινὴν γνώμην.

Αἱ ἐπαφαὶ μεταξὺ τῶν ἀντιπροσωπειῶν εἰς Παρισίους θὰ συνεχισθοῦν κατὰ τὴν προσεχῆ Πέμπτην.

Τὸ ἔγγραφον, τὸ ὁποῖον ἐδημοσιεύθη σήμερον, ἀναφέρει ὅτι ἡ κυβέρνησις θεωρεῖ ἀπαραίτητον τὴν ἀποχώρησιν τῶν ξένων στρατευμάτων.

Κατὰ τοὺς παρατηρητάς, αἱ σοβαραὶ ἀπώλειαι τῶν τελευταίων ἑβδομάδων ἐπηρεάζουν τὴν ἀμερικανικὴν κοινὴν γνώμην.

ΜΕΣΙΣΤΙΟΙ ΑΙ ΣΗΜΑΙΑΙ ΕΙΣ ΤΗΝ ΡΩΜΗΝ
ΚΑΤΑ ΤΗΝ ΚΗΔΕΙΑΝ ΤΩΝ 15 ΑΤΥΧΩΝ ΘΥΜΑΤΩΝ
ΣΥΝΕΧΕΙΑ ΕΚ ΤΗΣ 1ΗΣ ΣΕΛ.

Αἱ ἐπαφαὶ μεταξὺ τῶν ἀντιπροσωπειῶν εἰς Παρισίους θὰ συνεχισθοῦν κατὰ τὴν προσεχῆ Πέμπτην.

Τὸ ἔγγραφον, τὸ ὁποῖον ἐδημοσιεύθη σήμερον, ἀναφέρει ὅτι ἡ κυβέρνησις θεωρεῖ ἀπαραίτητον τὴν ἀποχώρησιν τῶν ξένων στρατευμάτων.

Κατὰ τοὺς παρατηρητάς, αἱ σοβαραὶ ἀπώλειαι τῶν τελευταίων ἑβδομάδων ἐπηρεάζουν τὴν ἀμερικανικὴν κοινὴν γνώμην.

Αἱ ἐπαφαὶ μεταξὺ τῶν ἀντιπροσωπειῶν εἰς Παρισίους θὰ συνεχισθοῦν κατὰ τὴν προσεχῆ Πέμπτην.

Κατὰ τοὺς παρατηρητάς, αἱ σοβαραὶ ἀπώλειαι τῶν τελευταίων ἑβδομάδων ἐπηρεάζουν τὴν ἀμερικανικὴν κοινὴν γνώμην.

Τὸ ἔγγραφον, τὸ ὁποῖον ἐδημοσιεύθη σήμερον, ἀναφέρει ὅτι ἡ κυβέρνησις θεωρεῖ ἀπαραίτητον τὴν ἀποχώρησιν τῶν ξένων στρατευμάτων.

ΜΕΤΑ ΕΙΣ ΠΑΡΙΣΙΟΥ

Αἱ ἐπαφαὶ μεταξὺ τῶν ἀντιπροσωπειῶν εἰς Παρισίους θὰ συνεχισθοῦν κατὰ τὴν προσεχῆ Πέμπτην.

Κατὰ τοὺς παρατηρητάς, αἱ σοβαραὶ ἀπώλειαι τῶν τελευταίων ἑβδομάδων ἐπηρεάζουν τὴν ἀμερικανικὴν κοινὴν γνώμην.
